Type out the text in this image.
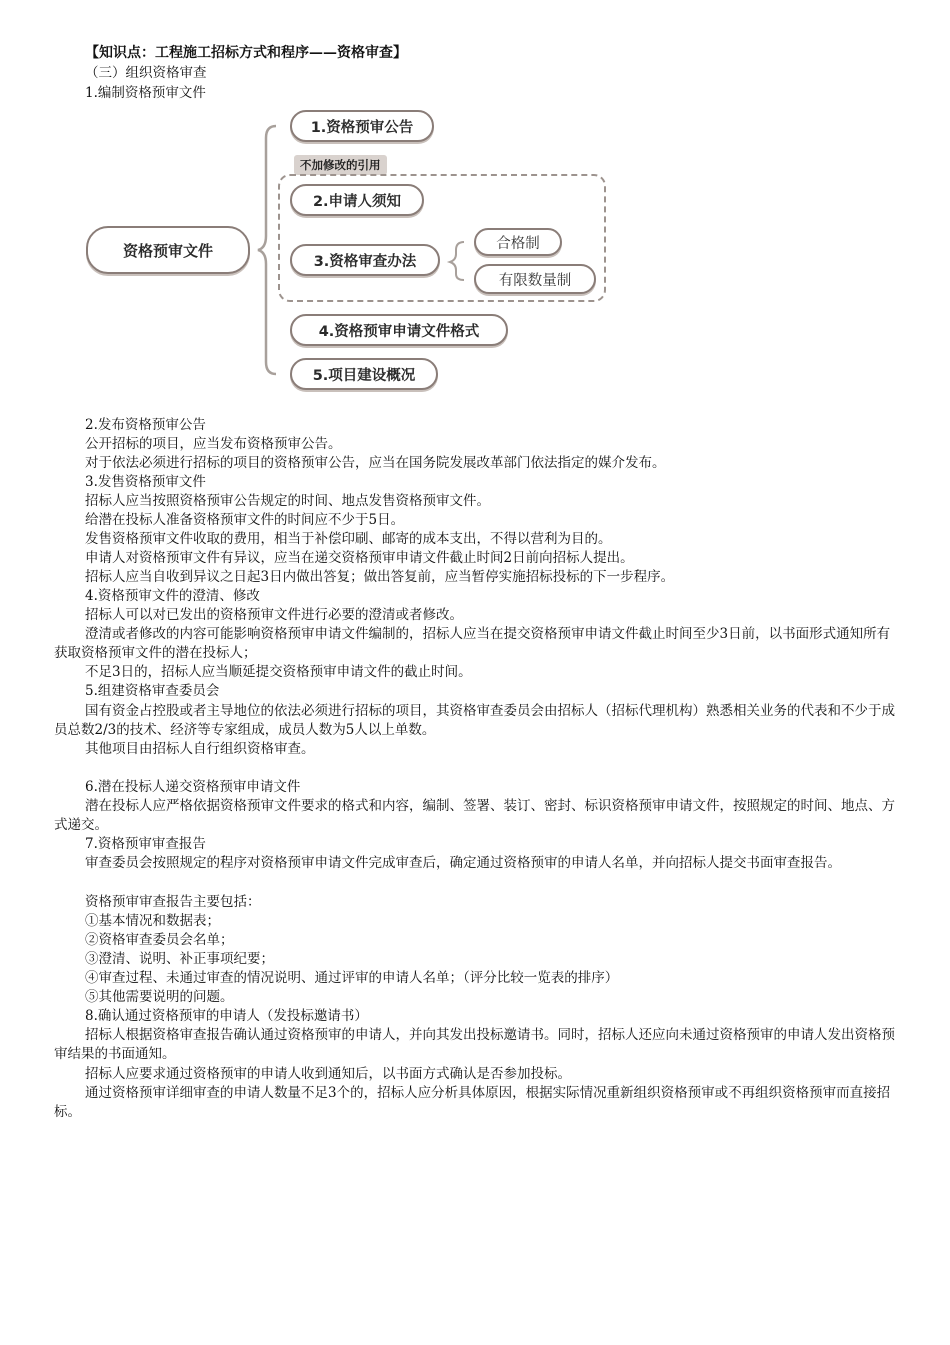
【知识点：工程施工招标方式和程序——资格审查】
（三）组织资格审查
1.编制资格预审文件
资格预审文件
1.资格预审公告
不加修改的引用
2.申请人须知
3.资格审查办法
合格制
有限数量制
4.资格预审申请文件格式
5.项目建设概况
2.发布资格预审公告
公开招标的项目，应当发布资格预审公告。
对于依法必须进行招标的项目的资格预审公告，应当在国务院发展改革部门依法指定的媒介发布。
3.发售资格预审文件
招标人应当按照资格预审公告规定的时间、地点发售资格预审文件。
给潜在投标人准备资格预审文件的时间应不少于5日。
发售资格预审文件收取的费用，相当于补偿印刷、邮寄的成本支出，不得以营利为目的。
申请人对资格预审文件有异议，应当在递交资格预审申请文件截止时间2日前向招标人提出。
招标人应当自收到异议之日起3日内做出答复；做出答复前，应当暂停实施招标投标的下一步程序。
4.资格预审文件的澄清、修改
招标人可以对已发出的资格预审文件进行必要的澄清或者修改。
澄清或者修改的内容可能影响资格预审申请文件编制的，招标人应当在提交资格预审申请文件截止时间至少3日前，以书面形式通知所有获取资格预审文件的潜在投标人；
不足3日的，招标人应当顺延提交资格预审申请文件的截止时间。
5.组建资格审查委员会
国有资金占控股或者主导地位的依法必须进行招标的项目，其资格审查委员会由招标人（招标代理机构）熟悉相关业务的代表和不少于成员总数2/3的技术、经济等专家组成，成员人数为5人以上单数。
其他项目由招标人自行组织资格审查。
6.潜在投标人递交资格预审申请文件
潜在投标人应严格依据资格预审文件要求的格式和内容，编制、签署、装订、密封、标识资格预审申请文件，按照规定的时间、地点、方式递交。
7.资格预审审查报告
审查委员会按照规定的程序对资格预审申请文件完成审查后，确定通过资格预审的申请人名单，并向招标人提交书面审查报告。
资格预审审查报告主要包括：
①基本情况和数据表；
②资格审查委员会名单；
③澄清、说明、补正事项纪要；
④审查过程、未通过审查的情况说明、通过评审的申请人名单；（评分比较一览表的排序）
⑤其他需要说明的问题。
8.确认通过资格预审的申请人（发投标邀请书）
招标人根据资格审查报告确认通过资格预审的申请人，并向其发出投标邀请书。同时，招标人还应向未通过资格预审的申请人发出资格预审结果的书面通知。
招标人应要求通过资格预审的申请人收到通知后，以书面方式确认是否参加投标。
通过资格预审详细审查的申请人数量不足3个的，招标人应分析具体原因，根据实际情况重新组织资格预审或不再组织资格预审而直接招标。
